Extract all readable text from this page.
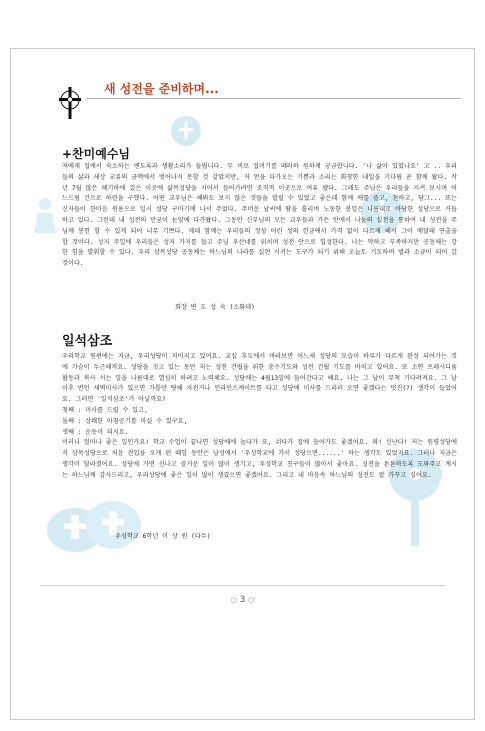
새 성전을 준비하며...
+찬미예수님

저에게 집에서 숙소하는 엔도록과 생활소리가 들립니다. 두 비로 접머기를 떼러하 원하게 궁금합니다. '나 삶아 있었나요' 고 .. 우리들의 삶과 세상 교류의 금액에서 벗어나지 못할 것 같았지만, 저 얻을 다가오는 기쁨과 소리는 화창한 내일을 기다림 곧 함께 왔다. 작년 7월 많은 헤기하에 걸은 이곳에 삶목성당을 지어서 들어가려면 조직적 이곳으로 여유 됐다. 그래도 주님은 우리들을 지켜 보시며 어느드림 건으로 하련을 구했다. 어떤 교우님은 해봐도 보지 않은 것들을 빌릴 수 있었고 좋은데 함께 매를 즐고, 찬하고, 담그... 또는 신자들이 한마음 원용으로 일시 성당 구마기에 나서 주었다. 주머운 날씨에 땀을 흘리며 노동한 봉일은 나름대로 아담한 성당으로 거듭하고 있다. 그런데 내 성전의 만궁이 눈앞에 다가왔다. 그동안 신부님의 모든 교우들과 가든 안에서 나눔의 실천을 통하여 내 성전을 주님께 봉헌 할 수 있게 되어 너무 기쁘다. 제대 함께는 우리들의 정성 어린 성의 헌금에서 가격 없이 다르게 해서 그이 배달래 연출을 할 것이다. 성지 주일에 우리들은 성지 가지를 들고 주님 우산네를 위치며 성전 안으로 입성한다. 나는 약하고 부족하지만 공동체는 강한 힘을 발휘할 수 있다. 우리 삼목성당 공동체는 하느님의 나라를 실현 시키는 도구가 되기 위해 오늘도 기도하며 벌과 소금이 되어 갈 것이다.

회장 변 도 성 숙 (소화데)

일석삼조

우리학교 원편에는 지금, 우리성당이 지어지고 있어요. 교실 후도에서 바라보면 어느새 성당의 모습이 하루가 다르게 완성 되어가는 것에 가슴이 두근해져요. 성당을 짓고 있는 동안 저는 성전 건립을 위한 충수기도와 성전 건립 기도를 바치고 있어요. 또 소연 프레시디움 활동과 복사 서는 일을 나름대로 열심히 하려고 노력해요. 성당에는 4월13일에 들어간다고 해요. 나는 그 날이 무척 기다려져요. 그 날 이후 반인 새벽미사가 있으면 가톨만 탕해 자전거나 인라인스케이트를 타고 성당에 미사를 드리러 오면 좋겠다는 멋진(?) 생각이 들었어요. 그러면 '일석삼조'가 아닐까요?

첫째 : 미사를 드릴 수 있고,

둘째 : 상쾌한 아침공기를 마실 수 있구요,

셋째 : 운동이 되지요.

이러니 얼마나 좋은 일인가요! 학교 수업이 끝나면 성당에에 놀다가 또, 쉬다가 집에 들어가도 좋겠어요. 와! 신난다! 저는 원평성당에서 삼목성당으로 처음 전입을 오게 된 때일 동안은 남성에서 '우성학교에 가서 성당으면......' 하는 생각도 있었지요. 그러나 지금은 생각이 달라졌어요. 성당에 가면 신나고 즐거운 일이 많이 생기고, 우성학교 친구들이 많아서 좋아요. 성전을 튼튼하도록 도와주고 계시는 하느님께 감사드리고, 우리성당에 좋은 일이 많이 생겼으면 좋겠어요. 그리고 내 마음속 하느님의 성전도 잘 가꾸고 싶어요.

우성학교 6학년 이 상 원 (다두)

○ 3 ○
